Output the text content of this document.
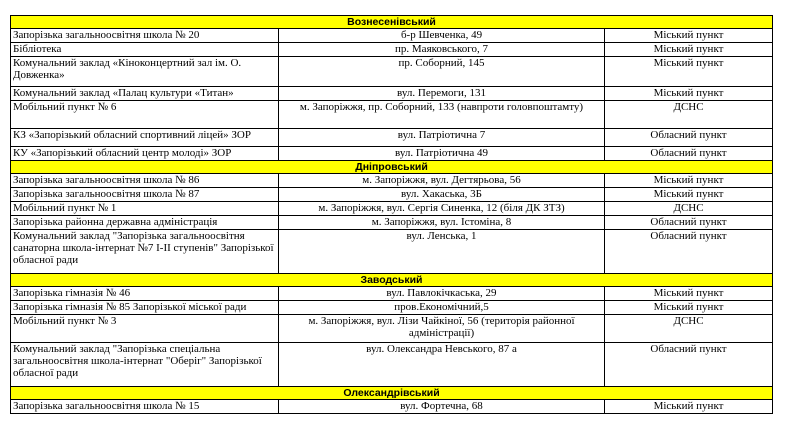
Вознесенівський		
Запорізька загальноосвітня школа № 20	б-р Шевченка, 49	Міський пункт
Бібліотека	пр. Маяковського, 7	Міський пункт
Комунальний заклад «Кіноконцертний зал ім. О. Довженка»	пр. Соборний, 145	Міський пункт
Комунальний заклад «Палац культури «Титан»	вул. Перемоги, 131	Міський пункт
Мобільний пункт № 6	м. Запоріжжя, пр. Соборний, 133 (навпроти головпоштамту)	ДСНС
КЗ «Запорізький обласний спортивний ліцей» ЗОР	вул. Патріотична 7	Обласний пункт
КУ «Запорізький обласний центр молоді» ЗОР	вул. Патріотична 49	Обласний пункт
Дніпровський		
Запорізька загальноосвітня школа № 86	м. Запоріжжя, вул. Дегтярьова, 56	Міський пункт
Запорізька загальноосвітня школа № 87	вул. Хакаська, 3Б	Міський пункт
Мобільний пункт № 1	м. Запоріжжя, вул. Сергія Синенка, 12 (біля ДК ЗТЗ)	ДСНС
Запорізька районна державна адміністрація	м. Запоріжжя, вул. Істоміна, 8	Обласний пункт
Комунальний заклад "Запорізька загальноосвітня санаторна школа-інтернат №7 І-ІІ ступенів" Запорізької обласної ради	вул. Ленська, 1	Обласний пункт
Заводський		
Запорізька гімназія № 46	вул. Павлокічкаська, 29	Міський пункт
Запорізька гімназія № 85 Запорізької міської ради	пров.Економічний,5	Міський пункт
Мобільний пункт № 3	м. Запоріжжя, вул. Лізи Чайкіної, 56 (територія районної адміністрації)	ДСНС
Комунальний заклад "Запорізька спеціальна загальноосвітня школа-інтернат "Оберіг" Запорізької обласної ради	вул. Олександра Невського, 87 а	Обласний пункт
Олександрівський		
Запорізька загальноосвітня школа № 15	вул. Фортечна, 68	Міський пункт
